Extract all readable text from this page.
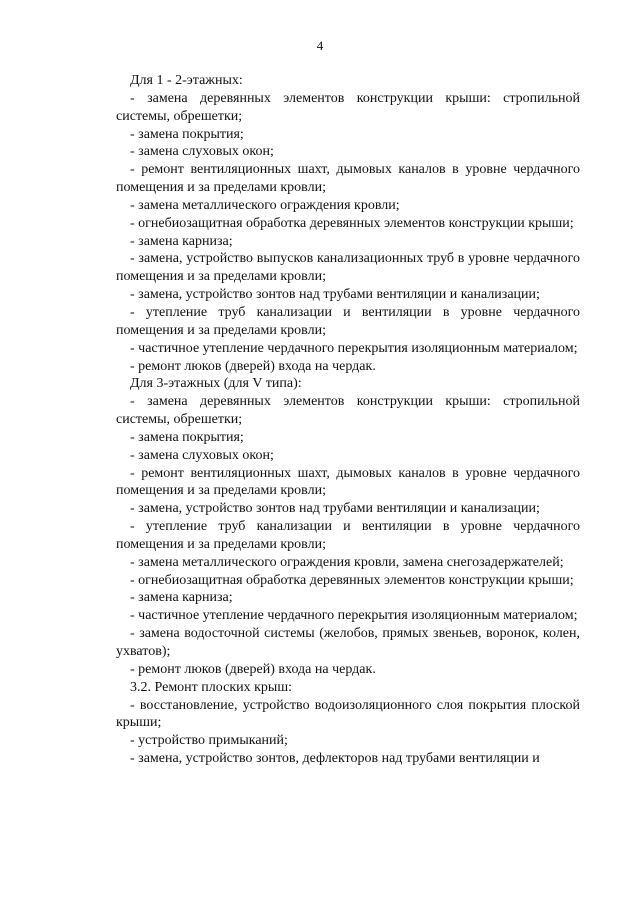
4

Для 1 - 2-этажных:

- замена деревянных элементов конструкции крыши: стропильной системы, обрешетки;

- замена покрытия;

- замена слуховых окон;

- ремонт вентиляционных шахт, дымовых каналов в уровне чердачного помещения и за пределами кровли;

- замена металлического ограждения кровли;

- огнебиозащитная обработка деревянных элементов конструкции крыши;

- замена карниза;

- замена, устройство выпусков канализационных труб в уровне чердачного помещения и за пределами кровли;

- замена, устройство зонтов над трубами вентиляции и канализации;

- утепление труб канализации и вентиляции в уровне чердачного помещения и за пределами кровли;

- частичное утепление чердачного перекрытия изоляционным материалом;

- ремонт люков (дверей) входа на чердак.

Для 3-этажных (для V типа):

- замена деревянных элементов конструкции крыши: стропильной системы, обрешетки;

- замена покрытия;

- замена слуховых окон;

- ремонт вентиляционных шахт, дымовых каналов в уровне чердачного помещения и за пределами кровли;

- замена, устройство зонтов над трубами вентиляции и канализации;

- утепление труб канализации и вентиляции в уровне чердачного помещения и за пределами кровли;

- замена металлического ограждения кровли, замена снегозадержателей;

- огнебиозащитная обработка деревянных элементов конструкции крыши;

- замена карниза;

- частичное утепление чердачного перекрытия изоляционным материалом;

- замена водосточной системы (желобов, прямых звеньев, воронок, колен, ухватов);

- ремонт люков (дверей) входа на чердак.

3.2. Ремонт плоских крыш:

- восстановление, устройство водоизоляционного слоя покрытия плоской крыши;

- устройство примыканий;

- замена, устройство зонтов, дефлекторов над трубами вентиляции и
